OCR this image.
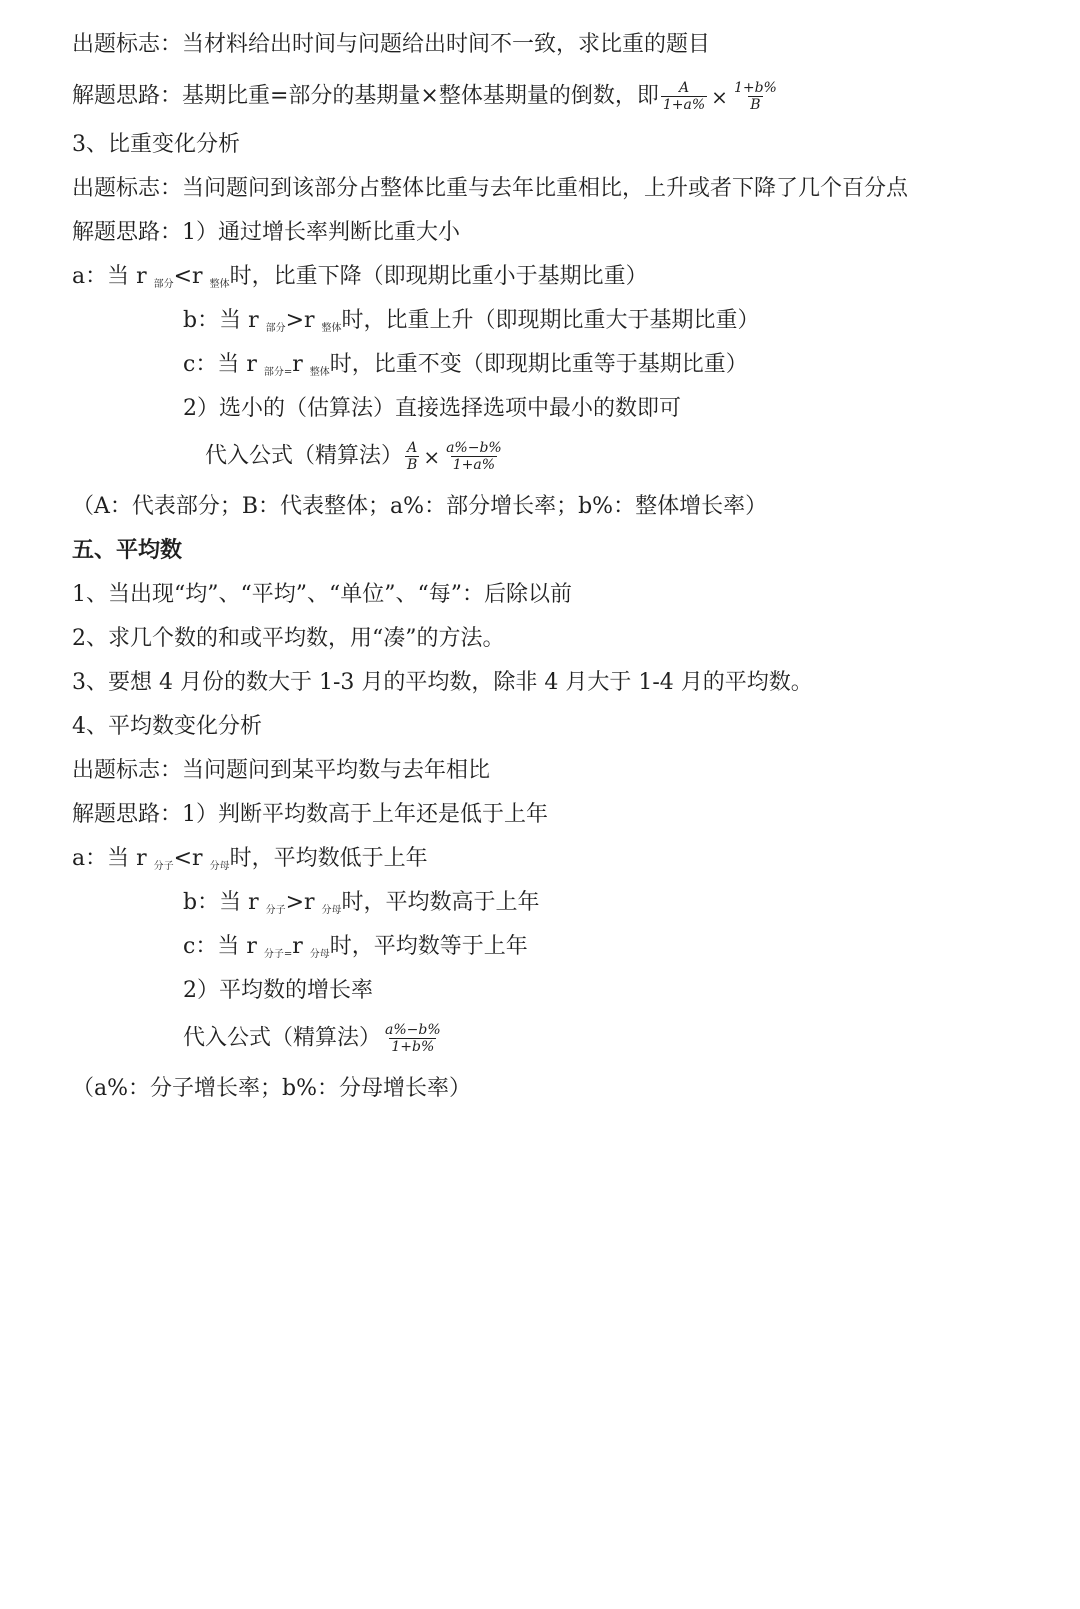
出题标志：当材料给出时间与问题给出时间不一致，求比重的题目
解题思路：基期比重=部分的基期量×整体基期量的倒数，即 $\frac{A}{1+a\%} \times \frac{1+b\%}{B}$
3、比重变化分析
出题标志：当问题问到该部分占整体比重与去年比重相比，上升或者下降了几个百分点
解题思路：1）通过增长率判断比重大小
a：当 r $_{部分}$<r $_{整体}$时，比重下降（即现期比重小于基期比重）
b：当 r $_{部分}$>r $_{整体}$时，比重上升（即现期比重大于基期比重）
c：当 r $_{部分=}$r $_{整体}$时，比重不变（即现期比重等于基期比重）
2）选小的（估算法）直接选择选项中最小的数即可
代入公式（精算法） $\frac{A}{B} \times \frac{a\%-b\%}{1+a\%}$
（A：代表部分；B：代表整体；a%：部分增长率；b%：整体增长率）
五、平均数
1、当出现“均”、“平均”、“单位”、“每”：后除以前
2、求几个数的和或平均数，用“凑”的方法。
3、要想 4 月份的数大于 1-3 月的平均数，除非 4 月大于 1-4 月的平均数。
4、平均数变化分析
出题标志：当问题问到某平均数与去年相比
解题思路：1）判断平均数高于上年还是低于上年
a：当 r $_{分子}$<r $_{分母}$时，平均数低于上年
b：当 r $_{分子}$>r $_{分母}$时，平均数高于上年
c：当 r $_{分子=}$r $_{分母}$时，平均数等于上年
2）平均数的增长率
代入公式（精算法） $\frac{a\%-b\%}{1+b\%}$
（a%：分子增长率；b%：分母增长率）
